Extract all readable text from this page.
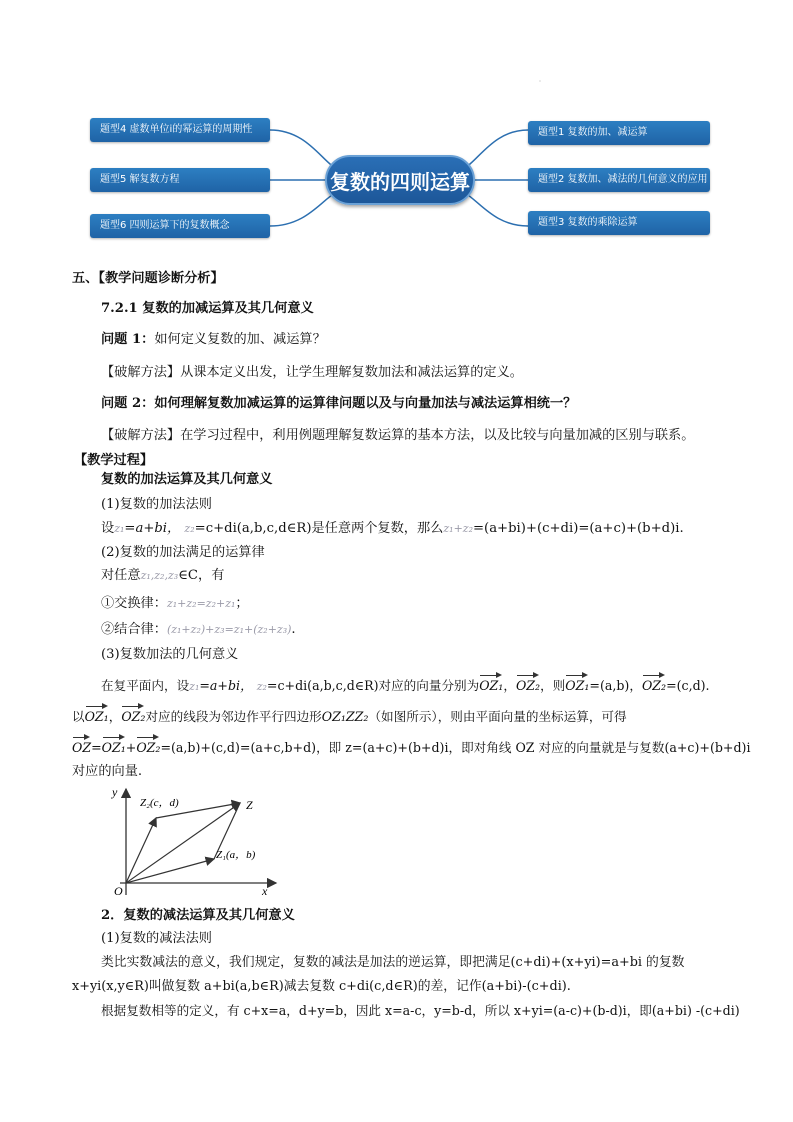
˙
题型4 虚数单位i的幂运算的周期性
题型5 解复数方程
题型6 四则运算下的复数概念
复数的四则运算
题型1 复数的加、减运算
题型2 复数加、减法的几何意义的应用
题型3 复数的乘除运算
五、【教学问题诊断分析】
7.2.1 复数的加减运算及其几何意义
问题 1：如何定义复数的加、减运算？
【破解方法】从课本定义出发，让学生理解复数加法和减法运算的定义。
问题 2：如何理解复数加减运算的运算律问题以及与向量加法与减法运算相统一？
【破解方法】在学习过程中，利用例题理解复数运算的基本方法，以及比较与向量加减的区别与联系。
【教学过程】
复数的加法运算及其几何意义
(1)复数的加法法则
设z₁=a+bi， z₂=c+di(a,b,c,d∈R)是任意两个复数，那么z₁+z₂=(a+bi)+(c+di)=(a+c)+(b+d)i.
(2)复数的加法满足的运算律
对任意z₁,z₂,z₃∈C，有
①交换律：z₁+z₂=z₂+z₁；
②结合律：(z₁+z₂)+z₃=z₁+(z₂+z₃).
(3)复数加法的几何意义
在复平面内，设z₁=a+bi， z₂=c+di(a,b,c,d∈R)对应的向量分别为OZ₁，OZ₂，则OZ₁=(a,b)，OZ₂=(c,d).
以OZ₁，OZ₂对应的线段为邻边作平行四边形OZ₁ZZ₂（如图所示），则由平面向量的坐标运算，可得
OZ=OZ₁+OZ₂=(a,b)+(c,d)=(a+c,b+d)，即 z=(a+c)+(b+d)i，即对角线 OZ 对应的向量就是与复数(a+c)+(b+d)i
对应的向量.
y
x
O
Z
Z₂(c，d)
Z₁(a，b)
2．复数的减法运算及其几何意义
(1)复数的减法法则
类比实数减法的意义，我们规定，复数的减法是加法的逆运算，即把满足(c+di)+(x+yi)=a+bi 的复数
x+yi(x,y∈R)叫做复数 a+bi(a,b∈R)减去复数 c+di(c,d∈R)的差，记作(a+bi)-(c+di).
根据复数相等的定义，有 c+x=a，d+y=b，因此 x=a-c，y=b-d，所以 x+yi=(a-c)+(b-d)i，即(a+bi) -(c+di)
